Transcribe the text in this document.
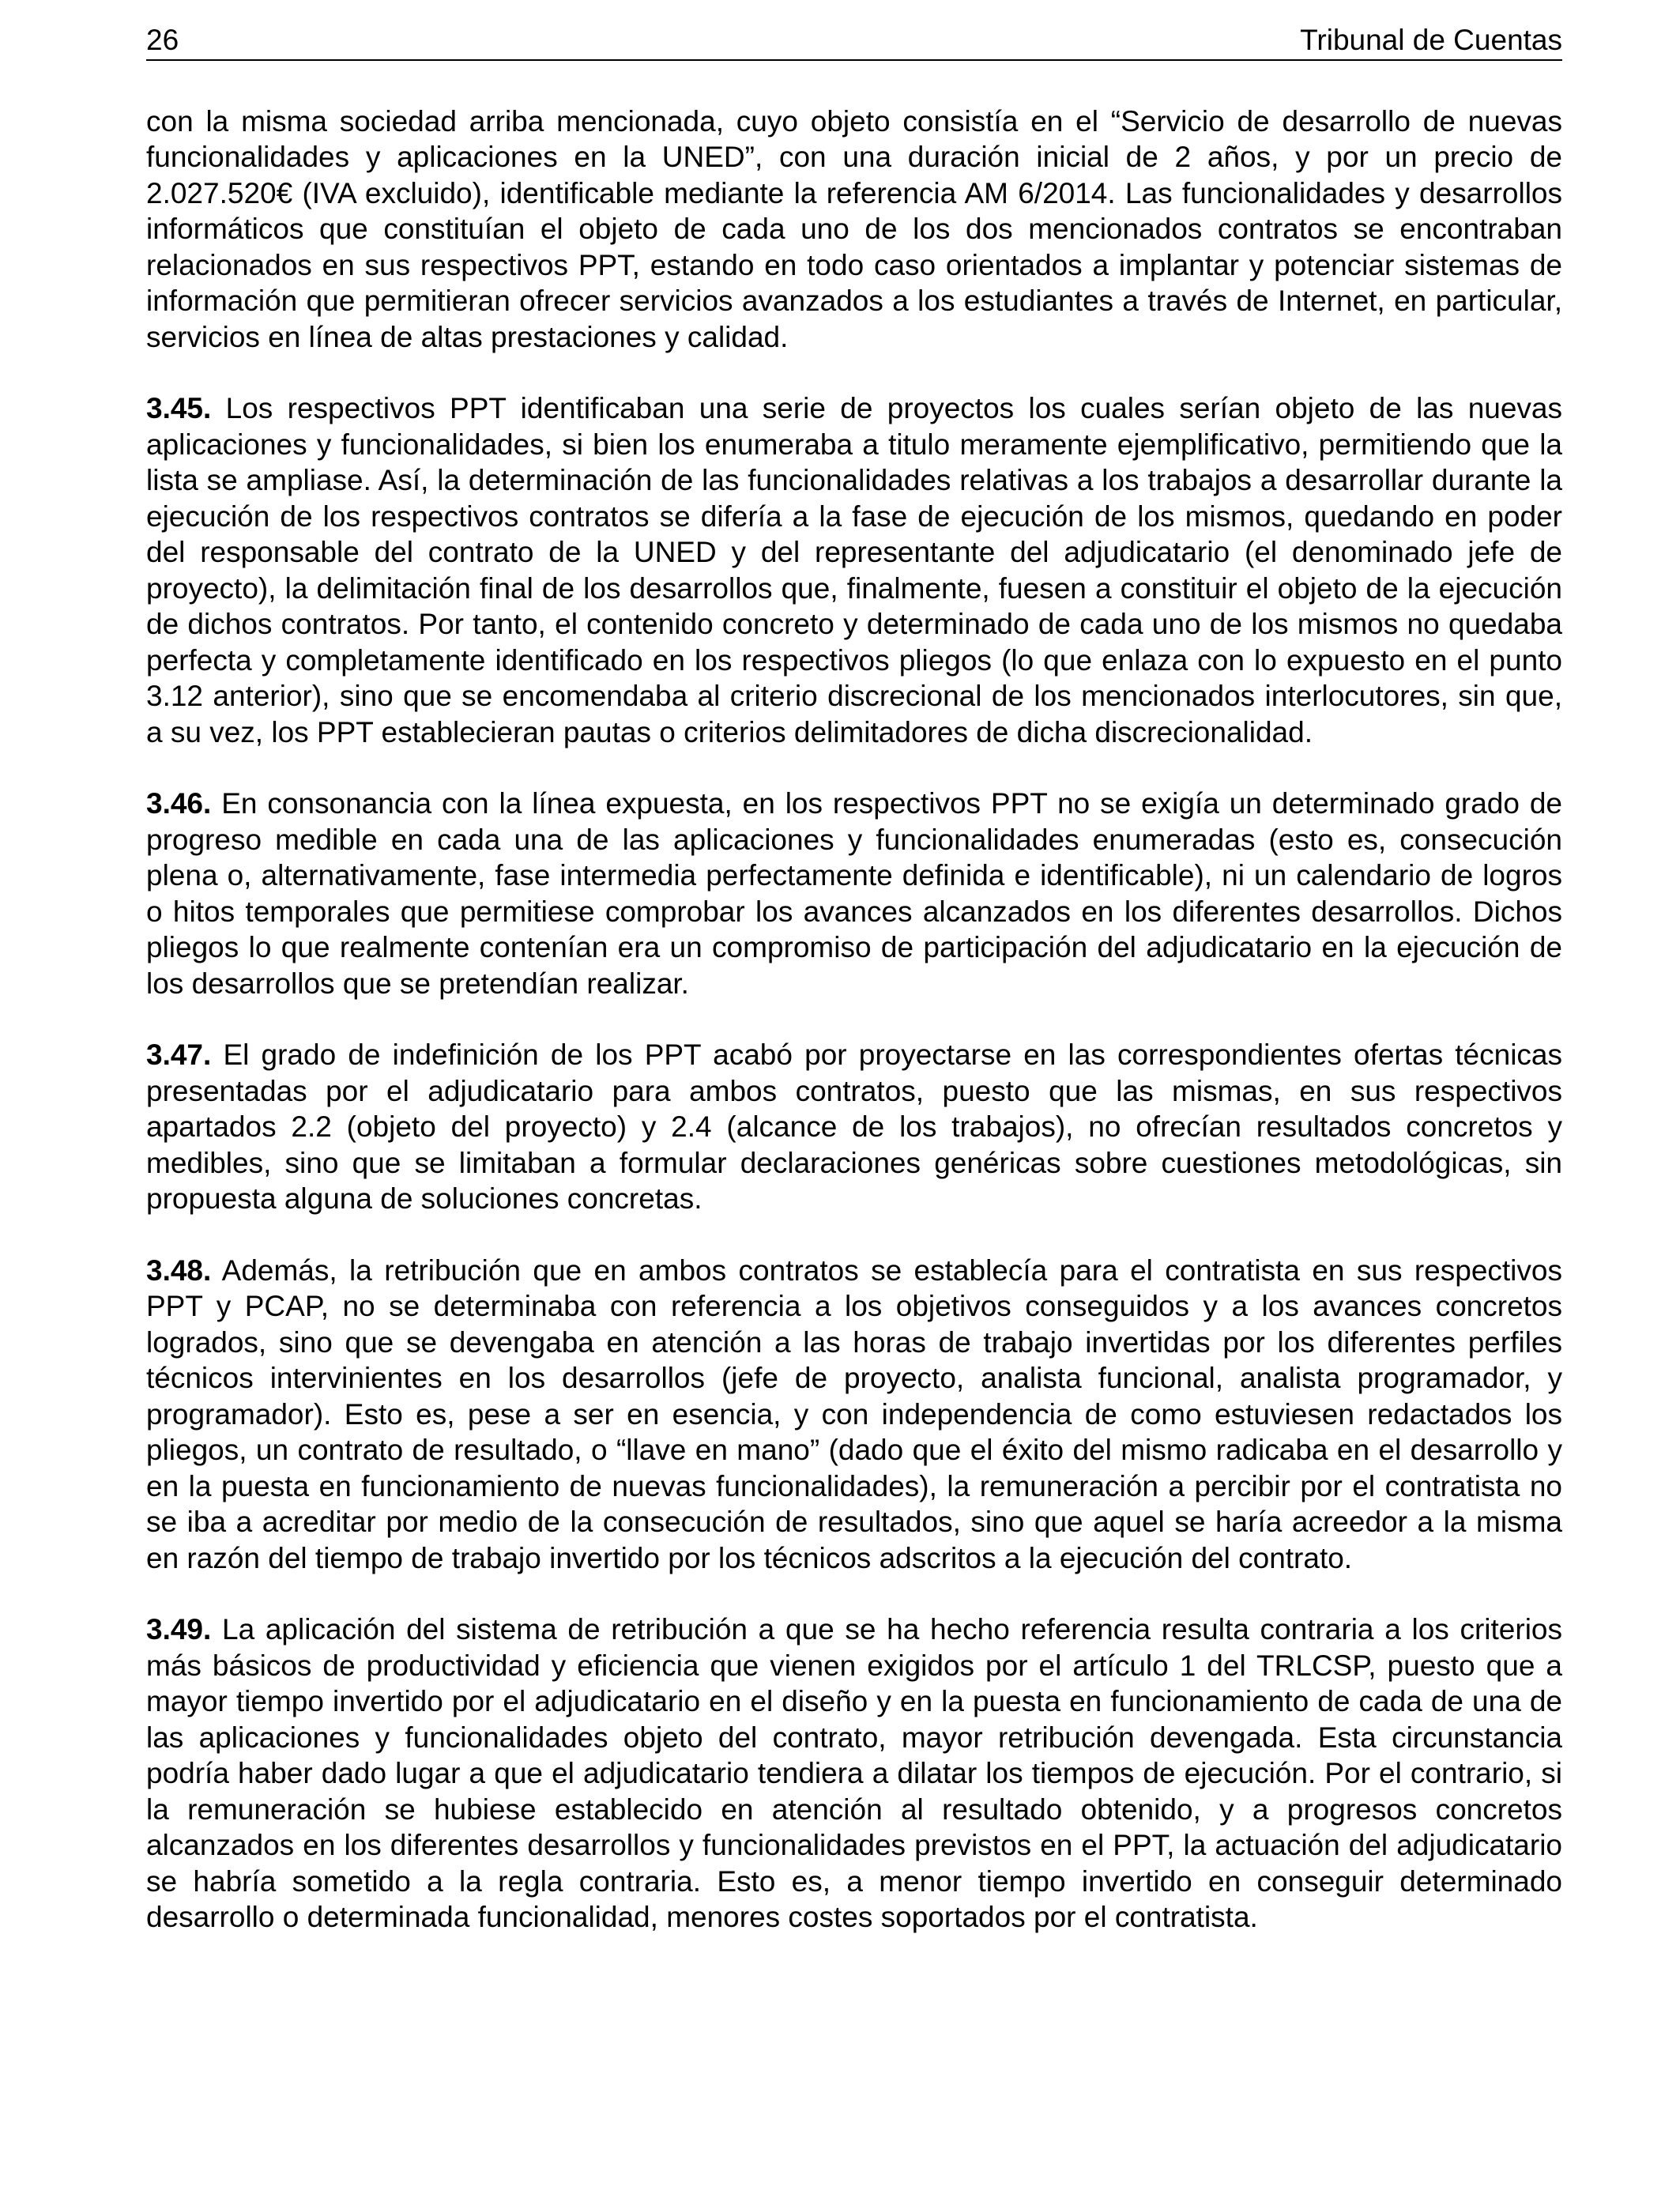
26	Tribunal de Cuentas

con la misma sociedad arriba mencionada, cuyo objeto consistía en el “Servicio de desarrollo de nuevas funcionalidades y aplicaciones en la UNED”, con una duración inicial de 2 años, y por un precio de 2.027.520€ (IVA excluido), identificable mediante la referencia AM 6/2014. Las funcionalidades y desarrollos informáticos que constituían el objeto de cada uno de los dos mencionados contratos se encontraban relacionados en sus respectivos PPT, estando en todo caso orientados a implantar y potenciar sistemas de información que permitieran ofrecer servicios avanzados a los estudiantes a través de Internet, en particular, servicios en línea de altas prestaciones y calidad.

3.45. Los respectivos PPT identificaban una serie de proyectos los cuales serían objeto de las nuevas aplicaciones y funcionalidades, si bien los enumeraba a titulo meramente ejemplificativo, permitiendo que la lista se ampliase. Así, la determinación de las funcionalidades relativas a los trabajos a desarrollar durante la ejecución de los respectivos contratos se difería a la fase de ejecución de los mismos, quedando en poder del responsable del contrato de la UNED y del representante del adjudicatario (el denominado jefe de proyecto), la delimitación final de los desarrollos que, finalmente, fuesen a constituir el objeto de la ejecución de dichos contratos. Por tanto, el contenido concreto y determinado de cada uno de los mismos no quedaba perfecta y completamente identificado en los respectivos pliegos (lo que enlaza con lo expuesto en el punto 3.12 anterior), sino que se encomendaba al criterio discrecional de los mencionados interlocutores, sin que, a su vez, los PPT establecieran pautas o criterios delimitadores de dicha discrecionalidad.

3.46. En consonancia con la línea expuesta, en los respectivos PPT no se exigía un determinado grado de progreso medible en cada una de las aplicaciones y funcionalidades enumeradas (esto es, consecución plena o, alternativamente, fase intermedia perfectamente definida e identificable), ni un calendario de logros o hitos temporales que permitiese comprobar los avances alcanzados en los diferentes desarrollos. Dichos pliegos lo que realmente contenían era un compromiso de participación del adjudicatario en la ejecución de los desarrollos que se pretendían realizar.

3.47. El grado de indefinición de los PPT acabó por proyectarse en las correspondientes ofertas técnicas presentadas por el adjudicatario para ambos contratos, puesto que las mismas, en sus respectivos apartados 2.2 (objeto del proyecto) y 2.4 (alcance de los trabajos), no ofrecían resultados concretos y medibles, sino que se limitaban a formular declaraciones genéricas sobre cuestiones metodológicas, sin propuesta alguna de soluciones concretas.

3.48. Además, la retribución que en ambos contratos se establecía para el contratista en sus respectivos PPT y PCAP, no se determinaba con referencia a los objetivos conseguidos y a los avances concretos logrados, sino que se devengaba en atención a las horas de trabajo invertidas por los diferentes perfiles técnicos intervinientes en los desarrollos (jefe de proyecto, analista funcional, analista programador, y programador). Esto es, pese a ser en esencia, y con independencia de como estuviesen redactados los pliegos, un contrato de resultado, o “llave en mano” (dado que el éxito del mismo radicaba en el desarrollo y en la puesta en funcionamiento de nuevas funcionalidades), la remuneración a percibir por el contratista no se iba a acreditar por medio de la consecución de resultados, sino que aquel se haría acreedor a la misma en razón del tiempo de trabajo invertido por los técnicos adscritos a la ejecución del contrato.

3.49. La aplicación del sistema de retribución a que se ha hecho referencia resulta contraria a los criterios más básicos de productividad y eficiencia que vienen exigidos por el artículo 1 del TRLCSP, puesto que a mayor tiempo invertido por el adjudicatario en el diseño y en la puesta en funcionamiento de cada de una de las aplicaciones y funcionalidades objeto del contrato, mayor retribución devengada. Esta circunstancia podría haber dado lugar a que el adjudicatario tendiera a dilatar los tiempos de ejecución. Por el contrario, si la remuneración se hubiese establecido en atención al resultado obtenido, y a progresos concretos alcanzados en los diferentes desarrollos y funcionalidades previstos en el PPT, la actuación del adjudicatario se habría sometido a la regla contraria. Esto es, a menor tiempo invertido en conseguir determinado desarrollo o determinada funcionalidad, menores costes soportados por el contratista.
